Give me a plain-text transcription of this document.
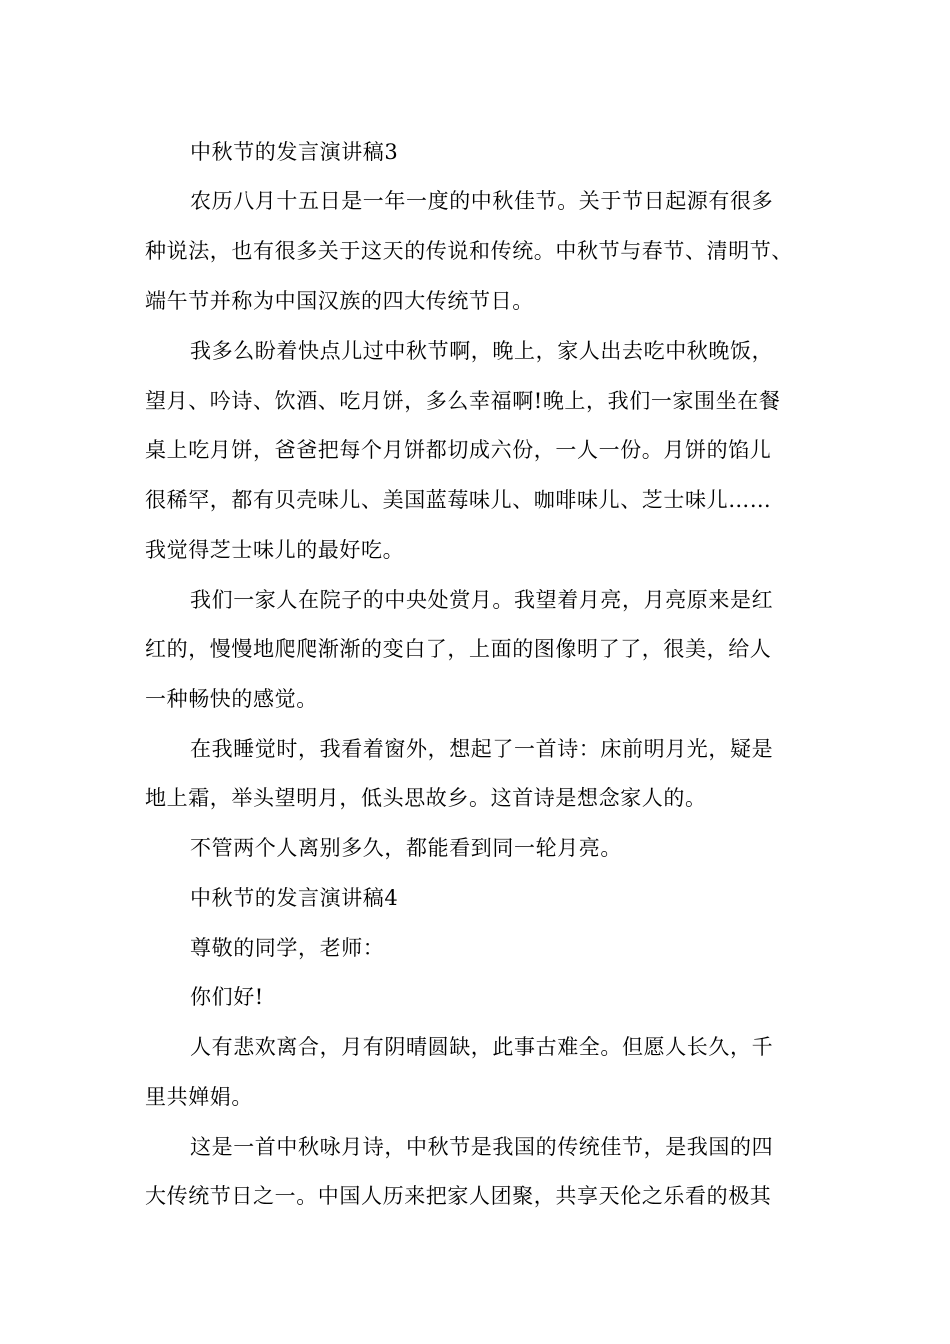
中秋节的发言演讲稿3
农历八月十五日是一年一度的中秋佳节。关于节日起源有很多
种说法，也有很多关于这天的传说和传统。中秋节与春节、清明节、
端午节并称为中国汉族的四大传统节日。
我多么盼着快点儿过中秋节啊，晚上，家人出去吃中秋晚饭，
望月、吟诗、饮酒、吃月饼，多么幸福啊!晚上，我们一家围坐在餐
桌上吃月饼，爸爸把每个月饼都切成六份，一人一份。月饼的馅儿
很稀罕，都有贝壳味儿、美国蓝莓味儿、咖啡味儿、芝士味儿……
我觉得芝士味儿的最好吃。
我们一家人在院子的中央处赏月。我望着月亮，月亮原来是红
红的，慢慢地爬爬渐渐的变白了，上面的图像明了了，很美，给人
一种畅快的感觉。
在我睡觉时，我看着窗外，想起了一首诗：床前明月光，疑是
地上霜，举头望明月，低头思故乡。这首诗是想念家人的。
不管两个人离别多久，都能看到同一轮月亮。
中秋节的发言演讲稿4
尊敬的同学，老师：
你们好!
人有悲欢离合，月有阴晴圆缺，此事古难全。但愿人长久，千
里共婵娟。
这是一首中秋咏月诗，中秋节是我国的传统佳节，是我国的四
大传统节日之一。中国人历来把家人团聚，共享天伦之乐看的极其
